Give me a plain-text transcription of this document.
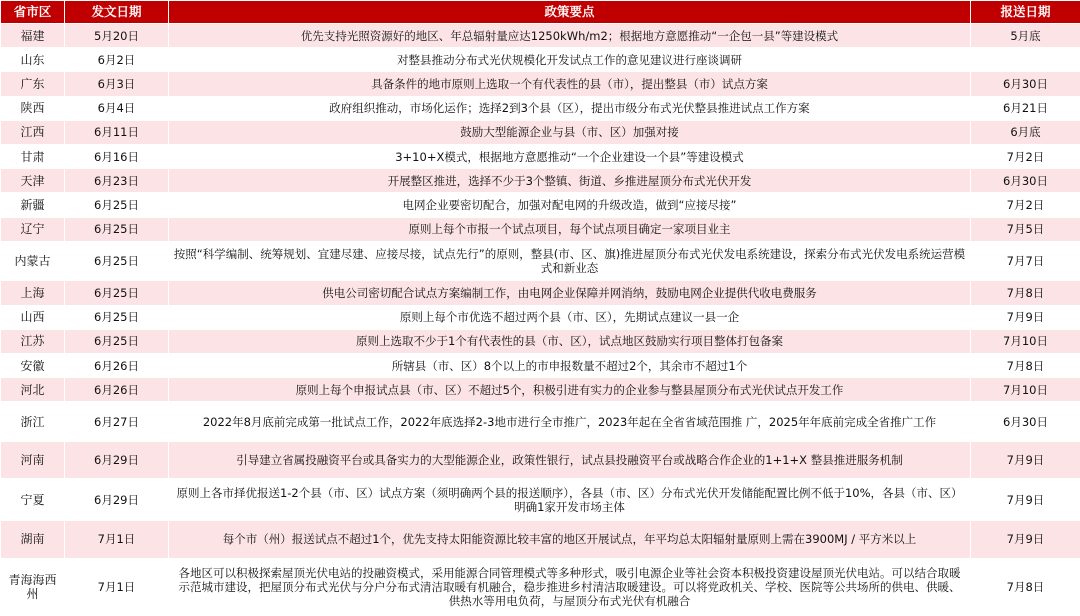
省市区	发文日期	政策要点	报送日期
福建	5月20日	优先支持光照资源好的地区、年总辐射量应达1250kWh/m2；根据地方意愿推动“一企包一县”等建设模式	5月底
山东	6月2日	对整县推动分布式光伏规模化开发试点工作的意见建议进行座谈调研	
广东	6月3日	具备条件的地市原则上选取一个有代表性的县（市），提出整县（市）试点方案	6月30日
陕西	6月4日	政府组织推动，市场化运作；选择2到3个县（区），提出市级分布式光伏整县推进试点工作方案	6月21日
江西	6月11日	鼓励大型能源企业与县（市、区）加强对接	6月底
甘肃	6月16日	3+10+X模式，根据地方意愿推动“一个企业建设一个县”等建设模式	7月2日
天津	6月23日	开展整区推进，选择不少于3个整镇、街道、乡推进屋顶分布式光伏开发	6月30日
新疆	6月25日	电网企业要密切配合，加强对配电网的升级改造，做到“应接尽接”	7月2日
辽宁	6月25日	原则上每个市报一个试点项目，每个试点项目确定一家项目业主	7月5日
内蒙古	6月25日	按照“科学编制、统筹规划、宜建尽建、应接尽接，试点先行”的原则，整县(市、区、旗)推进屋顶分布式光伏发电系统建设，探索分布式光伏发电系统运营模式和新业态	7月7日
上海	6月25日	供电公司密切配合试点方案编制工作，由电网企业保障并网消纳，鼓励电网企业提供代收电费服务	7月8日
山西	6月25日	原则上每个市优选不超过两个县（市、区），先期试点建议一县一企	7月9日
江苏	6月25日	原则上选取不少于1个有代表性的县（市、区），试点地区鼓励实行项目整体打包备案	7月10日
安徽	6月26日	所辖县（市、区）8个以上的市申报数量不超过2个，其余市不超过1个	7月8日
河北	6月26日	原则上每个申报试点县（市、区）不超过5个，积极引进有实力的企业参与整县屋顶分布式光伏试点开发工作	7月10日
浙江	6月27日	2022年8月底前完成第一批试点工作，2022年底选择2-3地市进行全市推广，2023年起在全省省域范围推 广，2025年年底前完成全省推广工作	6月30日
河南	6月29日	引导建立省属投融资平台或具备实力的大型能源企业，政策性银行，试点县投融资平台或战略合作企业的1+1+X 整县推进服务机制	7月9日
宁夏	6月29日	原则上各市择优报送1-2个县（市、区）试点方案（须明确两个县的报送顺序），各县（市、区）分布式光伏开发储能配置比例不低于10%，各县（市、区）明确1家开发市场主体	7月9日
湖南	7月1日	每个市（州）报送试点不超过1个，优先支持太阳能资源比较丰富的地区开展试点，年平均总太阳辐射量原则上需在3900MJ / 平方米以上	7月9日
青海海西州	7月1日	各地区可以积极探索屋顶光伏电站的投融资模式，采用能源合同管理模式等多种形式，吸引电源企业等社会资本积极投资建设屋顶光伏电站。可以结合取暖示范城市建设，把屋顶分布式光伏与分户分布式清洁取暖有机融合，稳步推进乡村清洁取暖建设。可以将党政机关、学校、医院等公共场所的供电、供暖、供热水等用电负荷，与屋顶分布式光伏有机融合	7月8日
